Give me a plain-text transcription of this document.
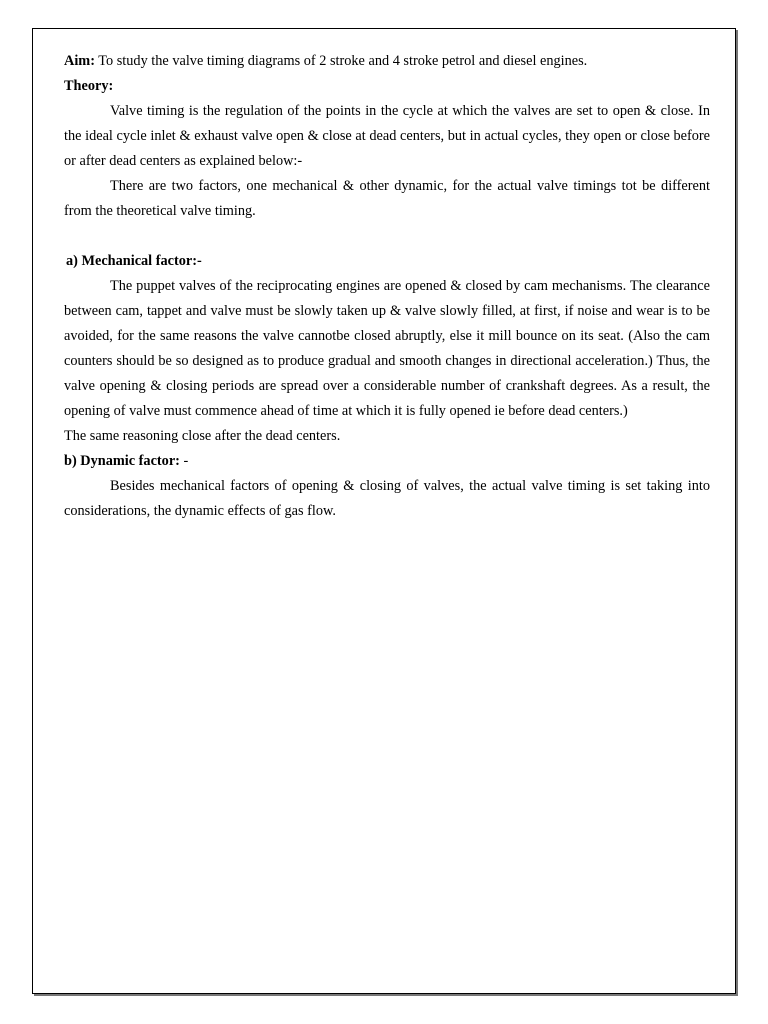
Aim: To study the valve timing diagrams of 2 stroke and 4 stroke petrol and diesel engines.

Theory:

Valve timing is the regulation of the points in the cycle at which the valves are set to open & close. In the ideal cycle inlet & exhaust valve open & close at dead centers, but in actual cycles, they open or close before or after dead centers as explained below:-

There are two factors, one mechanical & other dynamic, for the actual valve timings tot be different from the theoretical valve timing.

a) Mechanical factor:-

The puppet valves of the reciprocating engines are opened & closed by cam mechanisms. The clearance between cam, tappet and valve must be slowly taken up & valve slowly filled, at first, if noise and wear is to be avoided, for the same reasons the valve cannotbe closed abruptly, else it mill bounce on its seat. (Also the cam counters should be so designed as to produce gradual and smooth changes in directional acceleration.) Thus, the valve opening & closing periods are spread over a considerable number of crankshaft degrees. As a result, the opening of valve must commence ahead of time at which it is fully opened ie before dead centers.)

The same reasoning close after the dead centers.

b) Dynamic factor: -

Besides mechanical factors of opening & closing of valves, the actual valve timing is set taking into considerations, the dynamic effects of gas flow.
